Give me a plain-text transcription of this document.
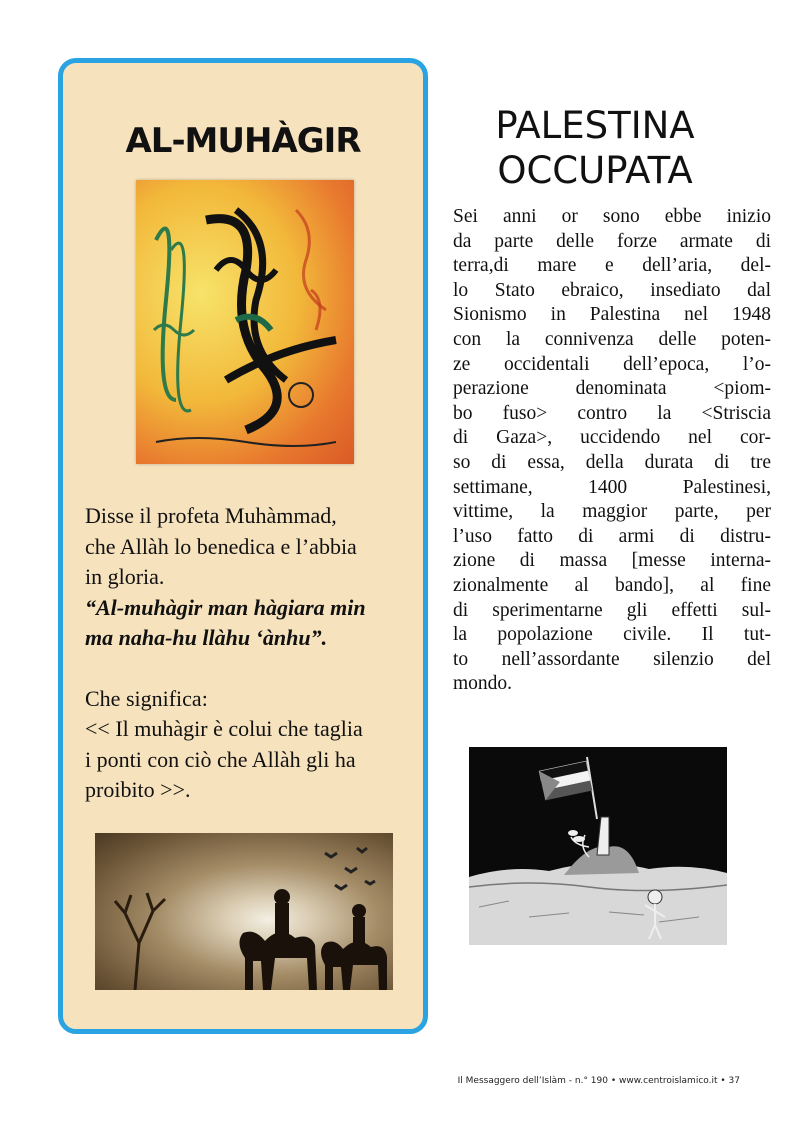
AL-MUHÀGIR

Disse il profeta Muhàmmad,

che Allàh lo benedica e l’abbia

in gloria.

“Al-muhàgir man hàgiara min

ma naha-hu llàhu ‘ànhu”.

Che significa:

<< Il muhàgir è colui che taglia

i ponti con ciò che Allàh gli ha

proibito >>.

PALESTINA
OCCUPATA
Sei anni or sono ebbe inizio
da parte delle forze armate di
terra,di mare e dell’aria, del-
lo Stato ebraico, insediato dal
Sionismo in Palestina nel 1948
con la connivenza delle poten-
ze occidentali dell’epoca, l’o-
perazione denominata <piom-
bo fuso> contro la <Striscia
di Gaza>, uccidendo nel cor-
so di essa, della durata di tre
settimane, 1400 Palestinesi,
vittime, la maggior parte, per
l’uso fatto di armi di distru-
zione di massa [messe interna-
zionalmente al bando], al fine
di sperimentarne gli effetti sul-
la popolazione civile. Il tut-
to nell’assordante silenzio del
mondo.
Il Messaggero dell’Islàm - n.° 190 • www.centroislamico.it • 37
